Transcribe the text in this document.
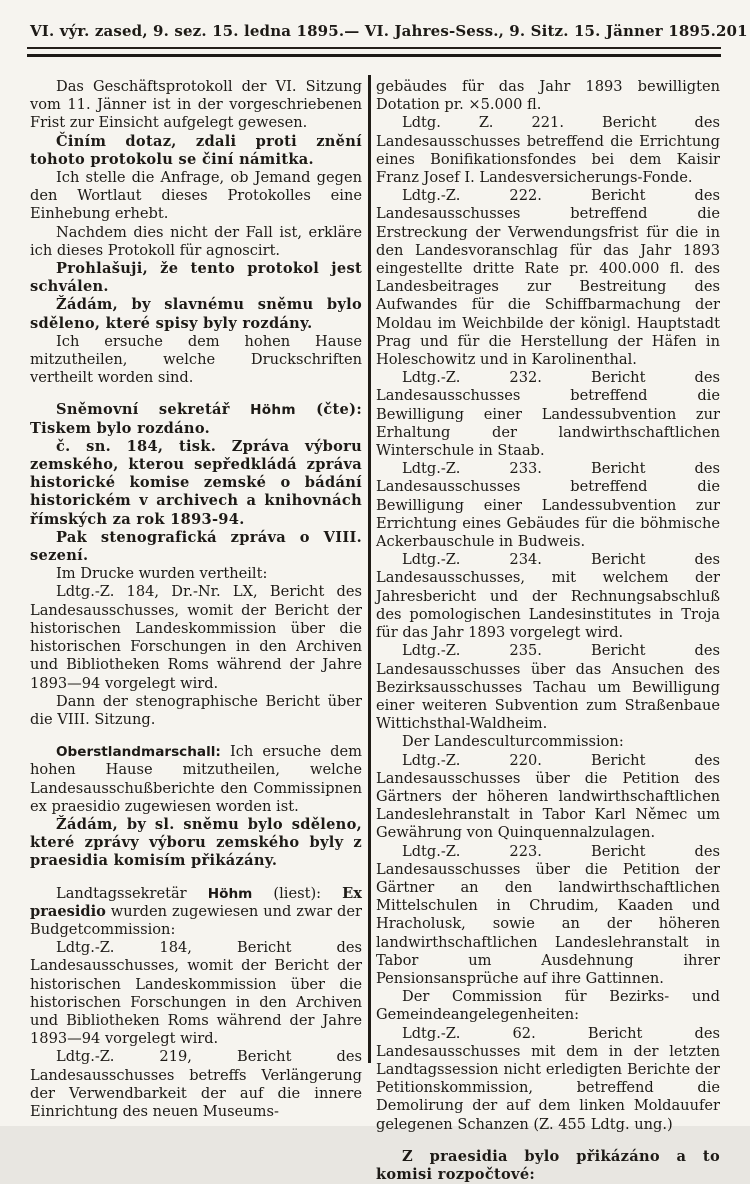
VI. výr. zased, 9. sez. 15. ledna 1895. — VI. Jahres-Sess., 9. Sitz. 15. Jänner 1895. 201

Das Geschäftsprotokoll der VI. Sitzung vom 11. Jänner ist in der vorgeschriebenen Frist zur Einsicht aufgelegt gewesen.

Činím dotaz, zdali proti znění tohoto protokolu se činí námitka.

Ich stelle die Anfrage, ob Jemand gegen den Wortlaut dieses Protokolles eine Einhebung erhebt.

Nachdem dies nicht der Fall ist, erkläre ich dieses Protokoll für agnoscirt.

Prohlašuji, že tento protokol jest schválen.

Žádám, by slavnému sněmu bylo sděleno, které spisy byly rozdány.

Ich ersuche dem hohen Hause mitzutheilen, welche Druckschriften vertheilt worden sind.

Sněmovní sekretář Höhm (čte): Tiskem bylo rozdáno.

č. sn. 184, tisk. Zpráva výboru zemského, kterou sepředkládá zpráva historické komise zemské o bádání historickém v archivech a knihovnách římských za rok 1893-94.

Pak stenografická zpráva o VIII. sezení.

Im Drucke wurden vertheilt:

Ldtg.-Z. 184, Dr.-Nr. LX, Bericht des Landesausschusses, womit der Bericht der historischen Landeskommission über die historischen Forschungen in den Archiven und Bibliotheken Roms während der Jahre 1893—94 vorgelegt wird.

Dann der stenographische Bericht über die VIII. Sitzung.

Oberstlandmarschall: Ich ersuche dem hohen Hause mitzutheilen, welche Landesausschußberichte den Commissipnen ex praesidio zugewiesen worden ist.

Žádám, by sl. sněmu bylo sděleno, které zprávy výboru zemského byly z praesidia komisím přikázány.

Landtagssekretär Höhm (liest): Ex praesidio wurden zugewiesen und zwar der Budgetcommission:

Ldtg.-Z. 184, Bericht des Landesausschusses, womit der Bericht der historischen Landeskommission über die historischen Forschungen in den Archiven und Bibliotheken Roms während der Jahre 1893—94 vorgelegt wird.

Ldtg.-Z. 219, Bericht des Landesausschusses betreffs Verlängerung der Verwendbarkeit der auf die innere Einrichtung des neuen Museums-

gebäudes für das Jahr 1893 bewilligten Dotation pr. ×5.000 fl.

Ldtg. Z. 221. Bericht des Landesausschusses betreffend die Errichtung eines Bonifikationsfondes bei dem Kaisir Franz Josef I. Landesversicherungs-Fonde.

Ldtg.-Z. 222. Bericht des Landesausschusses betreffend die Erstreckung der Verwendungsfrist für die in den Landesvoranschlag für das Jahr 1893 eingestellte dritte Rate pr. 400.000 fl. des Landesbeitrages zur Bestreitung des Aufwandes für die Schiffbarmachung der Moldau im Weichbilde der königl. Hauptstadt Prag und für die Herstellung der Häfen in Holeschowitz und in Karolinenthal.

Ldtg.-Z. 232. Bericht des Landesausschusses betreffend die Bewilligung einer Landessubvention zur Erhaltung der landwirthschaftlichen Winterschule in Staab.

Ldtg.-Z. 233. Bericht des Landesausschusses betreffend die Bewilligung einer Landessubvention zur Errichtung eines Gebäudes für die böhmische Ackerbauschule in Budweis.

Ldtg.-Z. 234. Bericht des Landesausschusses, mit welchem der Jahresbericht und der Rechnungsabschluß des pomologischen Landesinstitutes in Troja für das Jahr 1893 vorgelegt wird.

Ldtg.-Z. 235. Bericht des Landesausschusses über das Ansuchen des Bezirksausschusses Tachau um Bewilligung einer weiteren Subvention zum Straßenbaue Wittichsthal-Waldheim.

Der Landesculturcommission:

Ldtg.-Z. 220. Bericht des Landesausschusses über die Petition des Gärtners der höheren landwirthschaftlichen Landeslehranstalt in Tabor Karl Němec um Gewährung von Quinquennalzulagen.

Ldtg.-Z. 223. Bericht des Landesausschusses über die Petition der Gärtner an den landwirthschaftlichen Mittelschulen in Chrudim, Kaaden und Hracholusk, sowie an der höheren landwirthschaftlichen Landeslehranstalt in Tabor um Ausdehnung ihrer Pensionsansprüche auf ihre Gattinnen.

Der Commission für Bezirks- und Gemeindeangelegenheiten:

Ldtg.-Z. 62. Bericht des Landesausschusses mit dem in der letzten Landtagssession nicht erledigten Berichte der Petitionskommission, betreffend die Demolirung der auf dem linken Moldauufer gelegenen Schanzen (Z. 455 Ldtg. ung.)

Z praesidia bylo přikázáno a to komisi rozpočtové:
